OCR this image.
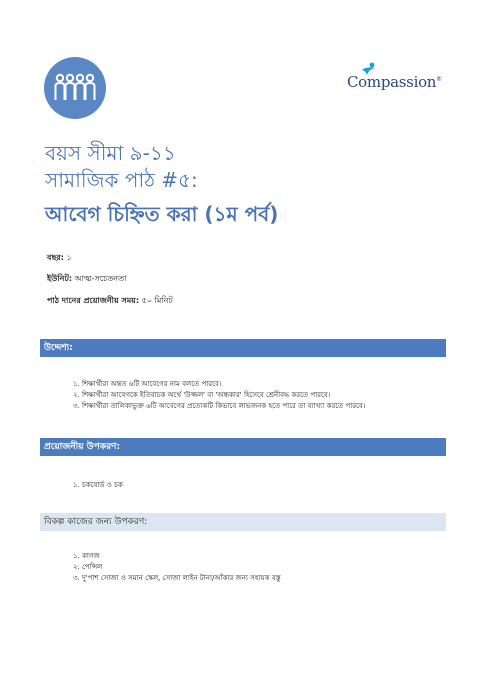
Compassion®
বয়স সীমা ৯-১১
সামাজিক পাঠ #৫:
আবেগ চিহ্নিত করা (১ম পর্ব)
বছর: ১
ইউনিট: আত্ম-সচেতনতা
পাঠ দানের প্রয়োজনীয় সময়: ৫০ মিনিট
উদ্দেশ্য:
১. শিক্ষার্থীরা অন্তত ৬টি আবেগের নাম বলতে পারবে।
২. শিক্ষার্থীরা আবেগকে ইতিবাচক অর্থে 'উজ্জল' বা 'অন্ধকার' হিসেবে শ্রেনীবদ্ধ করতে পারবে।
৩. শিক্ষার্থীরা তালিকাভুক্ত ৬টি আবেগের প্রত্যেকটি কিভাবে লাভজনক হতে পারে তা ব্যাখ্যা করতে পারবে।
প্রয়োজনীয় উপকরণ:
১. চকবোর্ড ও চক
বিকল্প কাজের জন্য উপকরণ:
১. কাগজ
২. পেন্সিল
৩. দু'পাশ সোজা ও সমান স্কেল, সোজা লাইন টানা/আঁকার জন্য সহায়ক বস্তু
